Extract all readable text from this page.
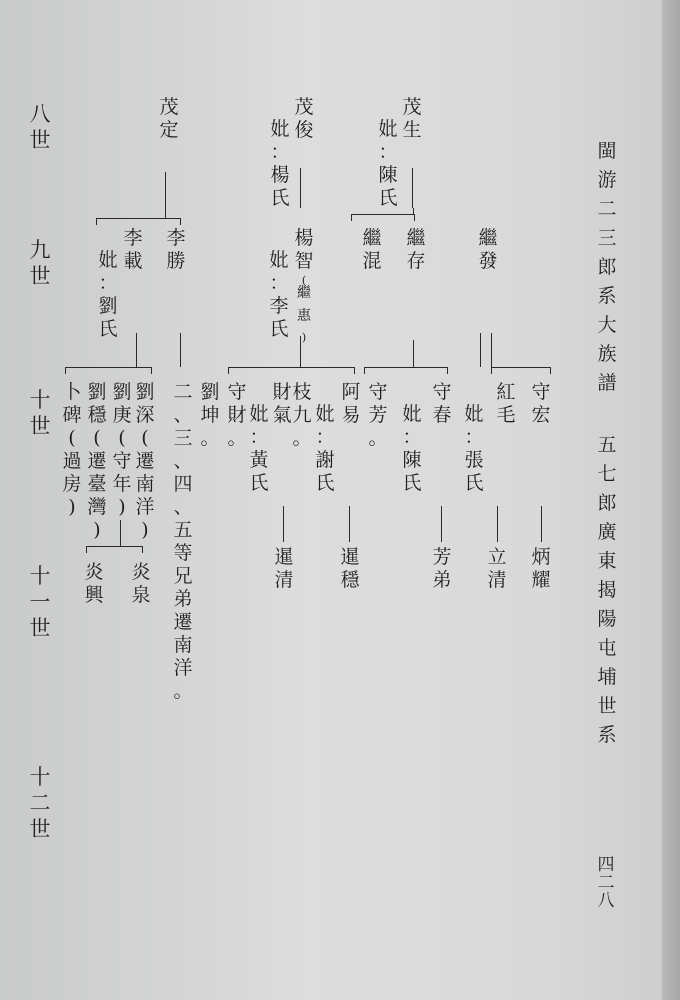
閩
游
二
三
郎
系
大
族
譜
五
七
郎
廣
東
揭
陽
屯
埔
世
系
四
二
八
八
世
九
世
十
世
十
一
世
十
二
世
守
宏
炳
耀
紅
毛
妣
：
張
氏
立
清
繼
發
守
春
妣
：
陳
氏
芳
弟
守
芳
。
茂
生
妣
：
陳
氏
繼
存
繼
混
阿
易
妣
：
謝
氏
暹
穩
枝
九
。
財
氣
妣
：
黃
氏
暹
清
守
財
。
茂
俊
妣
：
楊
氏
楊
智
(
繼
惠
)
妣
：
李
氏
劉
坤
。
二
、
三
、
四
、
五
等
兄
弟
遷
南
洋
。
茂
定
李
勝
劉
深
(
遷
南
洋
)
炎
泉
李
載
妣
：
劉
氏
劉
庚
(
守
年
)
炎
興
劉
穩
(
遷
臺
灣
)
卜
碑
(
過
房
)
